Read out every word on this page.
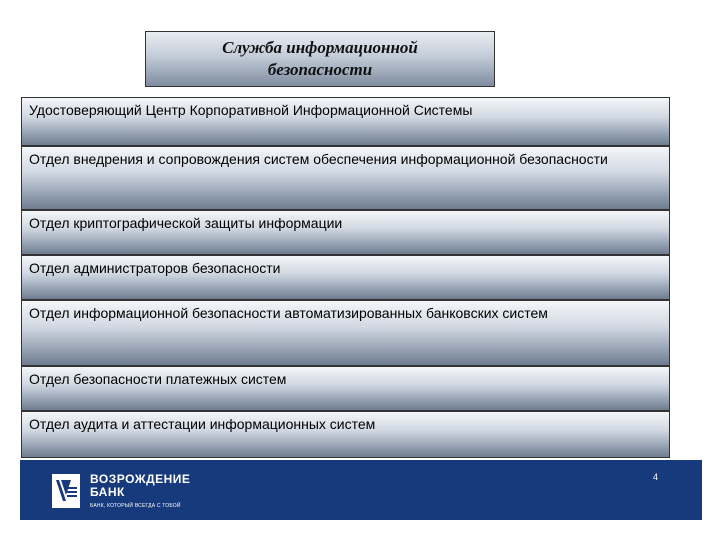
Служба информационной
безопасности
Удостоверяющий Центр Корпоративной Информационной Системы
Отдел внедрения и сопровождения систем обеспечения информационной безопасности
Отдел криптографической защиты информации
Отдел администраторов безопасности
Отдел информационной безопасности автоматизированных банковских систем
Отдел безопасности платежных систем
Отдел аудита и аттестации информационных систем
ВОЗРОЖДЕНИЕ
БАНК
БАНК, КОТОРЫЙ ВСЕГДА С ТОБОЙ
4
